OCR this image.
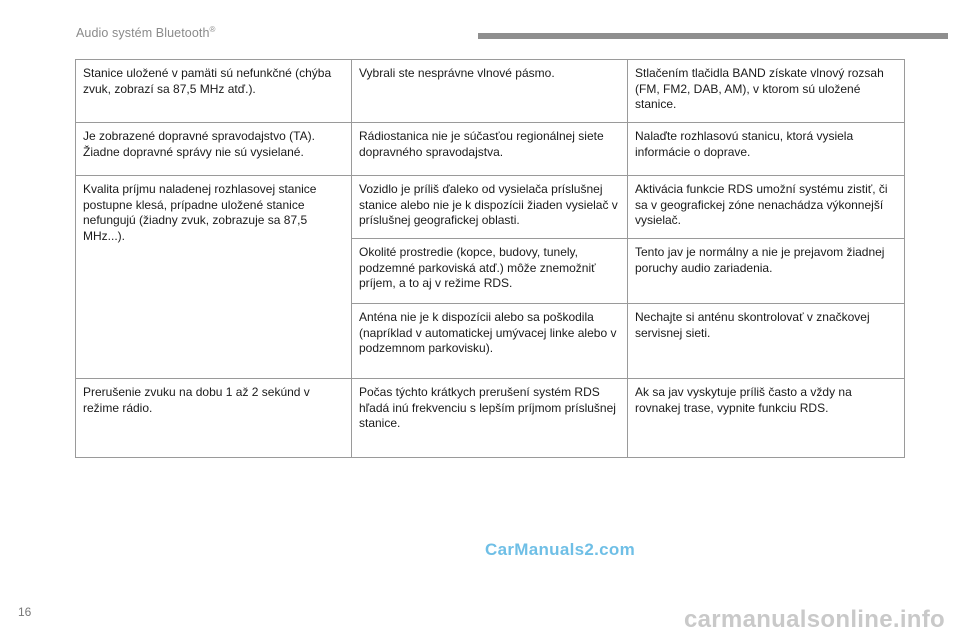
Audio systém Bluetooth®
Stanice uložené v pamäti sú nefunkčné (chýba zvuk, zobrazí sa 87,5 MHz atď.).	Vybrali ste nesprávne vlnové pásmo.	Stlačením tlačidla BAND získate vlnový rozsah (FM, FM2, DAB, AM), v ktorom sú uložené stanice.
Je zobrazené dopravné spravodajstvo (TA). Žiadne dopravné správy nie sú vysielané.	Rádiostanica nie je súčasťou regionálnej siete dopravného spravodajstva.	Nalaďte rozhlasovú stanicu, ktorá vysiela informácie o doprave.
Kvalita príjmu naladenej rozhlasovej stanice postupne klesá, prípadne uložené stanice nefungujú (žiadny zvuk, zobrazuje sa 87,5 MHz...).	Vozidlo je príliš ďaleko od vysielača príslušnej stanice alebo nie je k dispozícii žiaden vysielač v príslušnej geografickej oblasti.	Aktivácia funkcie RDS umožní systému zistiť, či sa v geografickej zóne nenachádza výkonnejší vysielač.
	Okolité prostredie (kopce, budovy, tunely, podzemné parkoviská atď.) môže znemožniť príjem, a to aj v režime RDS.	Tento jav je normálny a nie je prejavom žiadnej poruchy audio zariadenia.
	Anténa nie je k dispozícii alebo sa poškodila (napríklad v automatickej umývacej linke alebo v podzemnom parkovisku).	Nechajte si anténu skontrolovať v značkovej servisnej sieti.
Prerušenie zvuku na dobu 1 až 2 sekúnd v režime rádio.	Počas týchto krátkych prerušení systém RDS hľadá inú frekvenciu s lepším príjmom príslušnej stanice.	Ak sa jav vyskytuje príliš často a vždy na rovnakej trase, vypnite funkciu RDS.
16
CarManuals2.com
carmanualsonline.info
